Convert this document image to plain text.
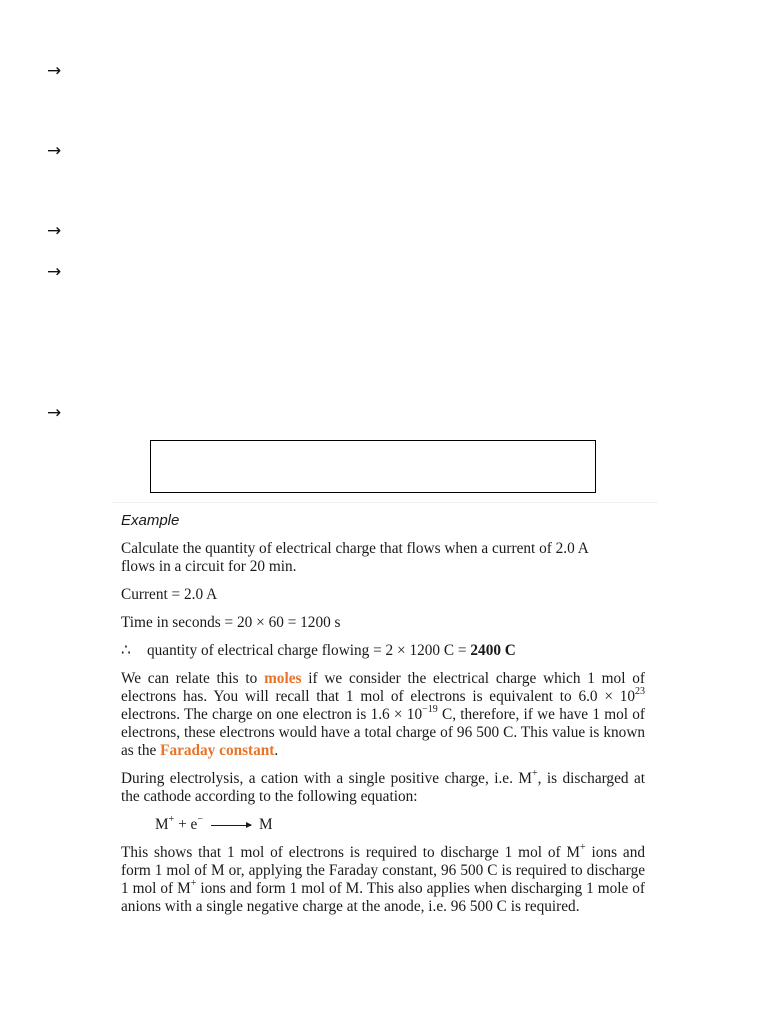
→
→
→
→
→
Example
Calculate the quantity of electrical charge that flows when a current of 2.0 A
flows in a circuit for 20 min.
Current = 2.0 A
Time in seconds = 20 × 60 = 1200 s
∴ quantity of electrical charge flowing = 2 × 1200 C = 2400 C
We can relate this to moles if we consider the electrical charge which 1 mol of electrons has. You will recall that 1 mol of electrons is equivalent to $6.0 \times 10^{23}$ electrons. The charge on one electron is $1.6 \times 10^{-19}$ C, therefore, if we have 1 mol of electrons, these electrons would have a total charge of 96 500 C. This value is known as the Faraday constant.
During electrolysis, a cation with a single positive charge, i.e. M+, is discharged at the cathode according to the following equation:
M+ + e− → M
This shows that 1 mol of electrons is required to discharge 1 mol of M+ ions and form 1 mol of M or, applying the Faraday constant, 96 500 C is required to discharge 1 mol of M+ ions and form 1 mol of M. This also applies when discharging 1 mole of anions with a single negative charge at the anode, i.e. 96 500 C is required.
